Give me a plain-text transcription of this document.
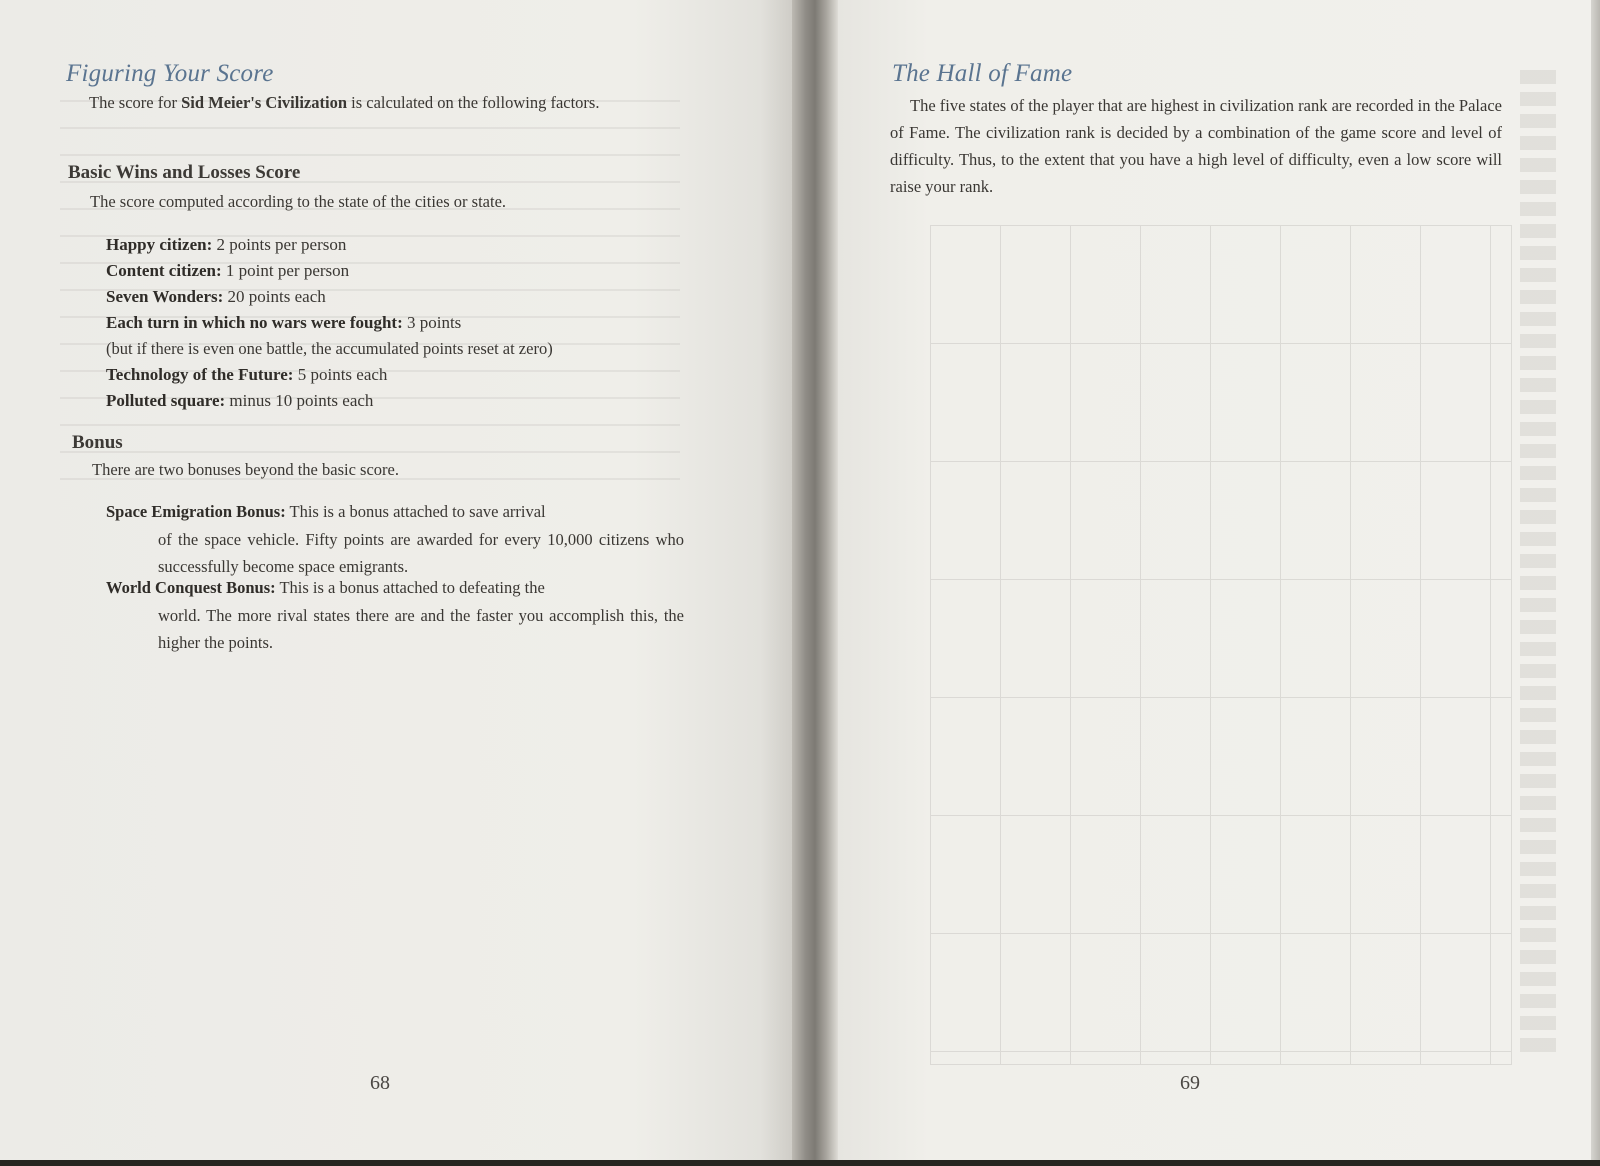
Figuring Your Score

The score for Sid Meier's Civilization is calculated on the following factors.

Basic Wins and Losses Score

The score computed according to the state of the cities or state.

Happy citizen: 2 points per person
Content citizen: 1 point per person
Seven Wonders: 20 points each
Each turn in which no wars were fought: 3 points
(but if there is even one battle, the accumulated points reset at zero)
Technology of the Future: 5 points each
Polluted square: minus 10 points each
Bonus

There are two bonuses beyond the basic score.

Space Emigration Bonus: This is a bonus attached to save arrival
of the space vehicle. Fifty points are awarded for every 10,000 citizens who successfully become space emigrants.
World Conquest Bonus: This is a bonus attached to defeating the
world. The more rival states there are and the faster you accomplish this, the higher the points.

68

The Hall of Fame

The five states of the player that are highest in civilization rank are recorded in the Palace of Fame. The civilization rank is decided by a combination of the game score and level of difficulty. Thus, to the extent that you have a high level of difficulty, even a low score will raise your rank.

69
